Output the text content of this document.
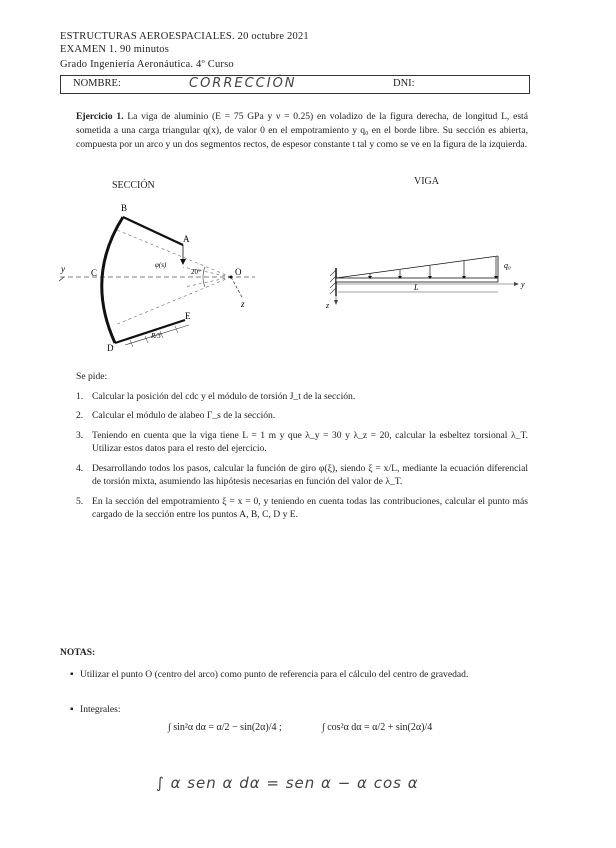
ESTRUCTURAS AEROESPACIALES. 20 octubre 2021
EXAMEN 1. 90 minutos
Grado Ingeniería Aeronáutica. 4º Curso
NOMBRE:	CORRECCIÓN	DNI:
Ejercicio 1. La viga de aluminio (E = 75 GPa y ν = 0.25) en voladizo de la figura derecha, de longitud L, está sometida a una carga triangular q(x), de valor 0 en el empotramiento y q₀ en el borde libre. Su sección es abierta, compuesta por un arco y un dos segmentos rectos, de espesor constante t tal y como se ve en la figura de la izquierda.
SECCIÓN	VIGA
B
A
C
D
E
O
y
z
φ(s)
20°
R/3
L
q₀
y
z
Se pide:
1. Calcular la posición del cdc y el módulo de torsión J_t de la sección.
2. Calcular el módulo de alabeo Γ_s de la sección.
3. Teniendo en cuenta que la viga tiene L = 1 m y que λ_y = 30 y λ_z = 20, calcular la esbeltez torsional λ_T. Utilizar estos datos para el resto del ejercicio.
4. Desarrollando todos los pasos, calcular la función de giro φ(ξ), siendo ξ = x/L, mediante la ecuación diferencial de torsión mixta, asumiendo las hipótesis necesarias en función del valor de λ_T.
5. En la sección del empotramiento ξ = x = 0, y teniendo en cuenta todas las contribuciones, calcular el punto más cargado de la sección entre los puntos A, B, C, D y E.
NOTAS:
▪ Utilizar el punto O (centro del arco) como punto de referencia para el cálculo del centro de gravedad.
▪ Integrales:
∫ sin²α dα = α/2 − sin(2α)/4 ;	∫ cos²α dα = α/2 + sin(2α)/4
∫ α sen α dα = sen α − α cos α
